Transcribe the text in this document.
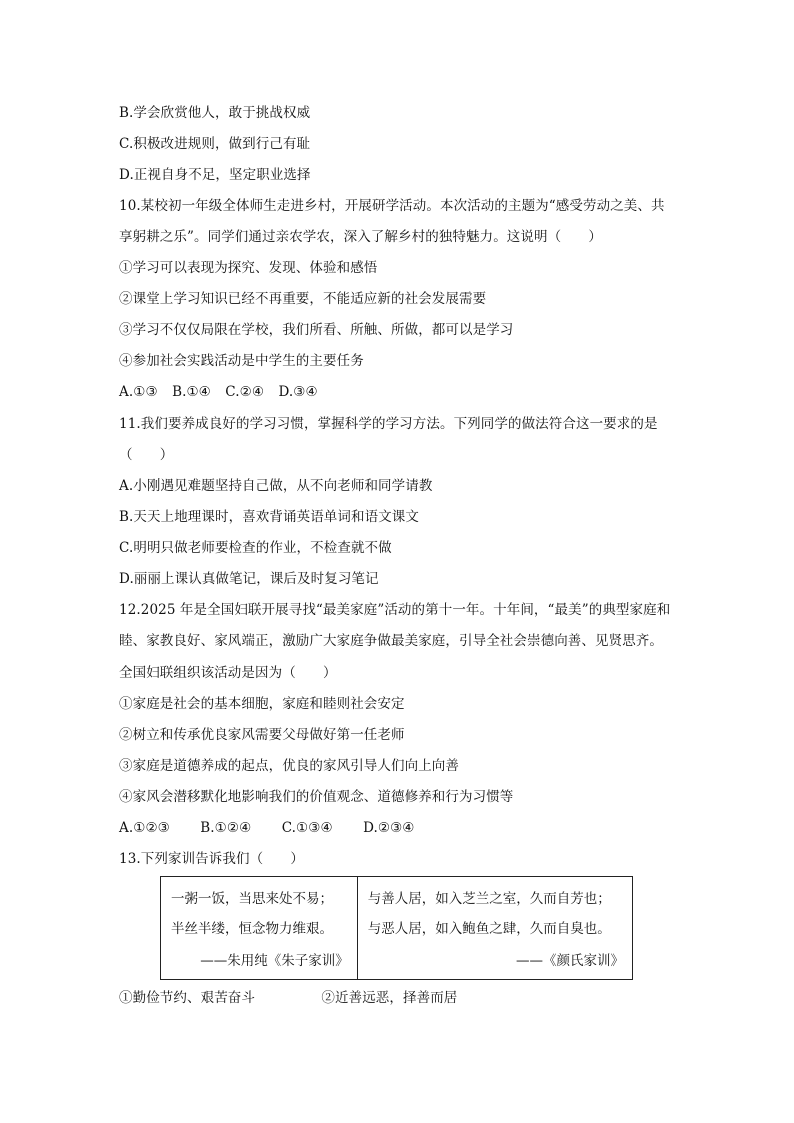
B.学会欣赏他人，敢于挑战权威
C.积极改进规则，做到行己有耻
D.正视自身不足，坚定职业选择
10.某校初一年级全体师生走进乡村，开展研学活动。本次活动的主题为“感受劳动之美、共
享躬耕之乐”。同学们通过亲农学农，深入了解乡村的独特魅力。这说明（　　）
①学习可以表现为探究、发现、体验和感悟
②课堂上学习知识已经不再重要，不能适应新的社会发展需要
③学习不仅仅局限在学校，我们所看、所触、所做，都可以是学习
④参加社会实践活动是中学生的主要任务
A.①③ B.①④ C.②④ D.③④
11.我们要养成良好的学习习惯，掌握科学的学习方法。下列同学的做法符合这一要求的是
（　　）
A.小刚遇见难题坚持自己做，从不向老师和同学请教
B.天天上地理课时，喜欢背诵英语单词和语文课文
C.明明只做老师要检查的作业，不检查就不做
D.丽丽上课认真做笔记，课后及时复习笔记
12.2025 年是全国妇联开展寻找“最美家庭”活动的第十一年。十年间，“最美”的典型家庭和
睦、家教良好、家风端正，激励广大家庭争做最美家庭，引导全社会崇德向善、见贤思齐。
全国妇联组织该活动是因为（　　）
①家庭是社会的基本细胞，家庭和睦则社会安定
②树立和传承优良家风需要父母做好第一任老师
③家庭是道德养成的起点，优良的家风引导人们向上向善
④家风会潜移默化地影响我们的价值观念、道德修养和行为习惯等
A.①②③ B.①②④ C.①③④ D.②③④
13.下列家训告诉我们（　　）
一粥一饭，当思来处不易；
半丝半缕，恒念物力维艰。
——朱用纯《朱子家训》

与善人居，如入芝兰之室，久而自芳也；
与恶人居，如入鲍鱼之肆，久而自臭也。
——《颜氏家训》
①勤俭节约、艰苦奋斗	②近善远恶，择善而居
